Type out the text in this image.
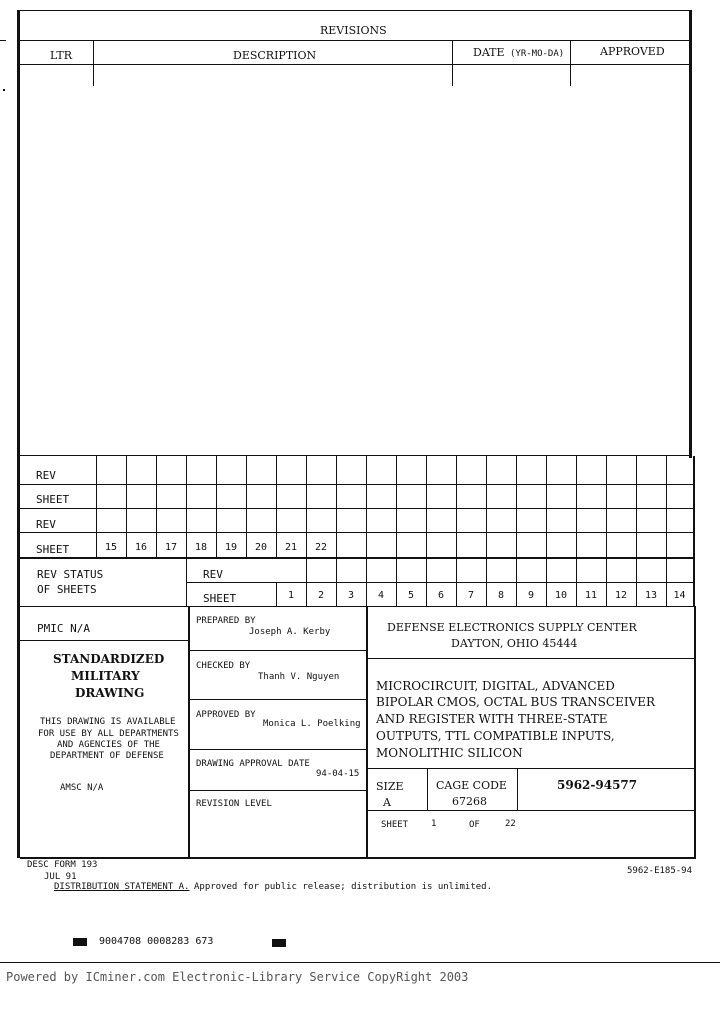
REVISIONS
LTR	DESCRIPTION	DATE (YR-MO-DA)	APPROVED
REV
SHEET
REV
SHEET	15	16	17	18	19	20	21	22
REV STATUS
OF SHEETS
REV
SHEET	1	2	3	4	5	6	7	8	9	10	11	12	13	14
PMIC N/A
STANDARDIZED
MILITARY
DRAWING
THIS DRAWING IS AVAILABLE
FOR USE BY ALL DEPARTMENTS
AND AGENCIES OF THE
DEPARTMENT OF DEFENSE
AMSC N/A
PREPARED BY
Joseph A. Kerby
CHECKED BY
Thanh V. Nguyen
APPROVED BY
Monica L. Poelking
DRAWING APPROVAL DATE
94-04-15
REVISION LEVEL
DEFENSE ELECTRONICS SUPPLY CENTER
DAYTON, OHIO 45444
MICROCIRCUIT, DIGITAL, ADVANCED
BIPOLAR CMOS, OCTAL BUS TRANSCEIVER
AND REGISTER WITH THREE-STATE
OUTPUTS, TTL COMPATIBLE INPUTS,
MONOLITHIC SILICON
SIZE
A
CAGE CODE
67268
5962-94577
SHEET	1	OF	22
DESC FORM 193
JUL 91
DISTRIBUTION STATEMENT A. Approved for public release; distribution is unlimited.
5962-E185-94
9004708 0008283 673
Powered by ICminer.com Electronic-Library Service CopyRight 2003
